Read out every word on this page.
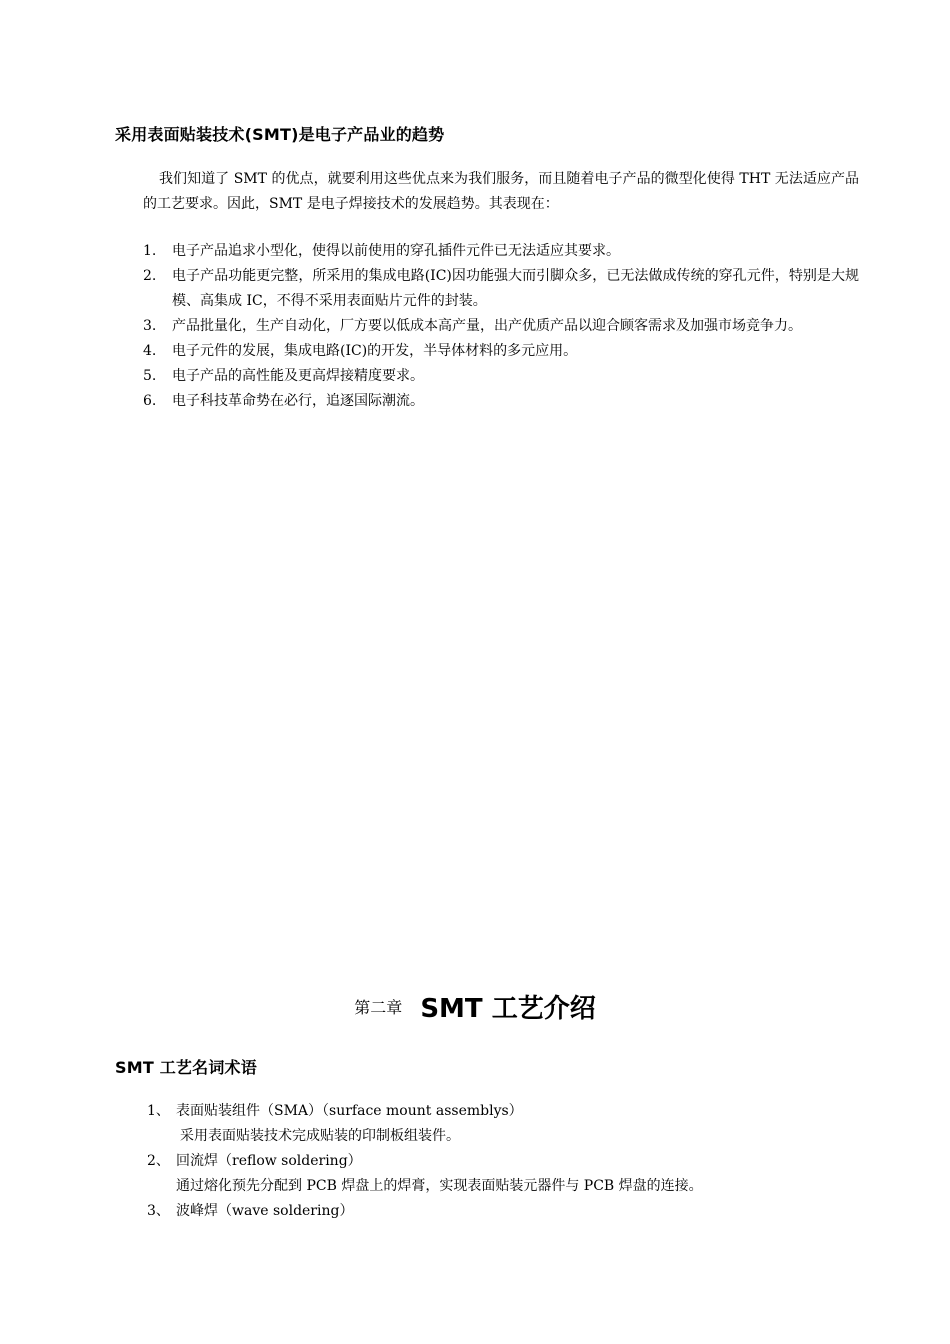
采用表面贴装技术(SMT)是电子产品业的趋势
我们知道了 SMT 的优点，就要利用这些优点来为我们服务，而且随着电子产品的微型化使得 THT 无法适应产品的工艺要求。因此，SMT 是电子焊接技术的发展趋势。其表现在：
1. 电子产品追求小型化，使得以前使用的穿孔插件元件已无法适应其要求。
2. 电子产品功能更完整，所采用的集成电路(IC)因功能强大而引脚众多，已无法做成传统的穿孔元件，特别是大规模、高集成 IC，不得不采用表面贴片元件的封装。
3. 产品批量化，生产自动化，厂方要以低成本高产量，出产优质产品以迎合顾客需求及加强市场竞争力。
4. 电子元件的发展，集成电路(IC)的开发，半导体材料的多元应用。
5. 电子产品的高性能及更高焊接精度要求。
6. 电子科技革命势在必行，追逐国际潮流。
第二章 SMT 工艺介绍
SMT 工艺名词术语
1、 表面贴装组件（SMA）（surface mount assemblys）
采用表面贴装技术完成贴装的印制板组装件。
2、 回流焊（reflow soldering）
通过熔化预先分配到 PCB 焊盘上的焊膏，实现表面贴装元器件与 PCB 焊盘的连接。
3、 波峰焊（wave soldering）
